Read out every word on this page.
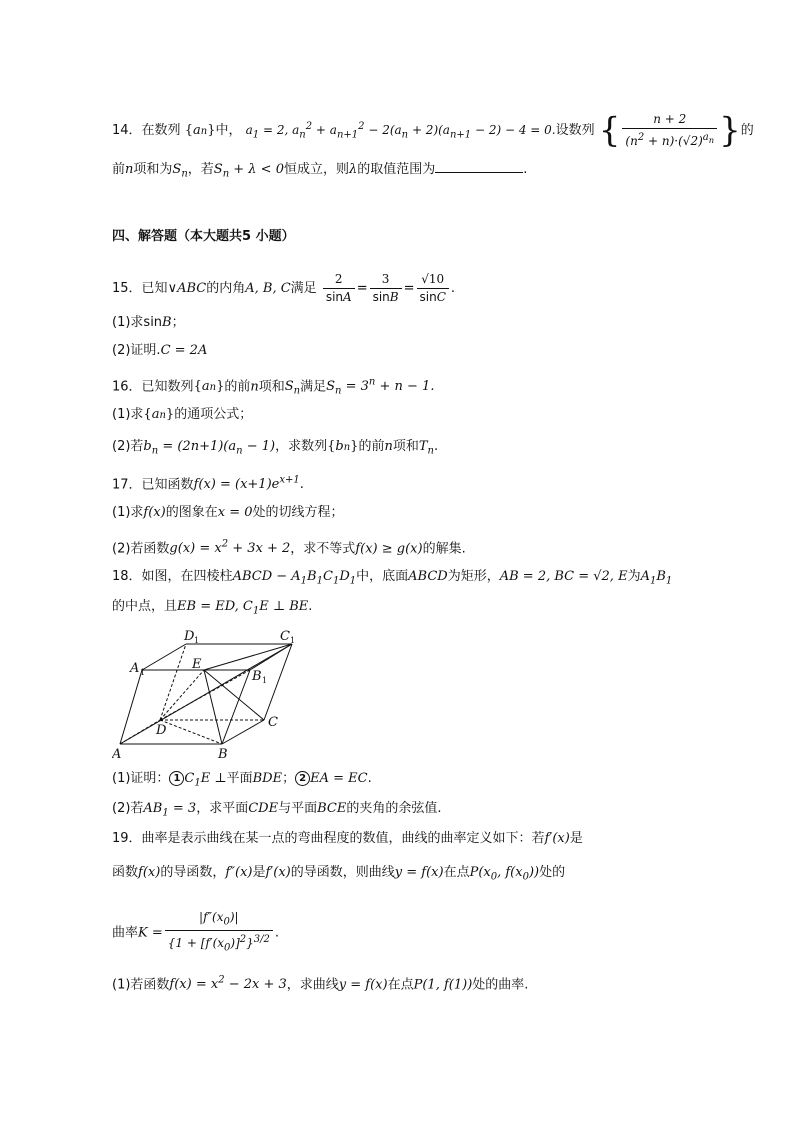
14．在数列 {an}中， $a_1 = 2$, $a_n^2 + a_{n+1}^2 - 2(a_n + 2)(a_{n+1} - 2) - 4 = 0$.设数列 { $\frac{n + 2}{(n^2 + n)\cdot(√2)^{a_n}}$ }的
前n项和为$S_n$，若$S_n + \lambda < 0$恒成立，则λ的取值范围为	.
四、解答题（本大题共5 小题）
15．已知∨ABC的内角A, B, C满足 $\frac{2}{\sin A} = \frac{3}{\sin B} = \frac{√10}{\sin C}$ .
(1)求sinB；
(2)证明.C = 2A
16．已知数列{an}的前n项和$S_n$满足$S_n = 3^n + n - 1$.
(1)求{an}的通项公式；
(2)若$b_n = (2n+1)(a_n - 1)$，求数列{bn}的前n项和$T_n$.
17．已知函数$f(x) = (x+1)e^{x+1}$.
(1)求f(x)的图象在x = 0处的切线方程；
(2)若函数$g(x) = x^2 + 3x + 2$，求不等式f(x) ≥ g(x)的解集.
18．如图，在四棱柱ABCD − $A_1B_1C_1D_1$中，底面ABCD为矩形，AB = 2, BC = √2, E为$A_1B_1$
的中点，且EB = ED, $C_1E$ ⊥ BE.
A	B
C
D
E
A 1	B 1
C 1
D 1
(1)证明： 1 $C_1E$ ⊥平面BDE； 2 EA = EC.
(2)若$AB_1 = 3$，求平面CDE与平面BCE的夹角的余弦值.
19．曲率是表示曲线在某一点的弯曲程度的数值，曲线的曲率定义如下：若f′(x)是
函数f(x)的导函数，f″(x)是f′(x)的导函数，则曲线y = f(x)在点$P(x_0$, $f(x_0)$)处的
曲率$K = \frac{|f''(x_0)|}{\{1 + [f'(x_0)]^2\}^{3/2}}$ .
(1)若函数$f(x) = x^2 - 2x + 3$，求曲线y = f(x)在点P(1, f(1))处的曲率.
